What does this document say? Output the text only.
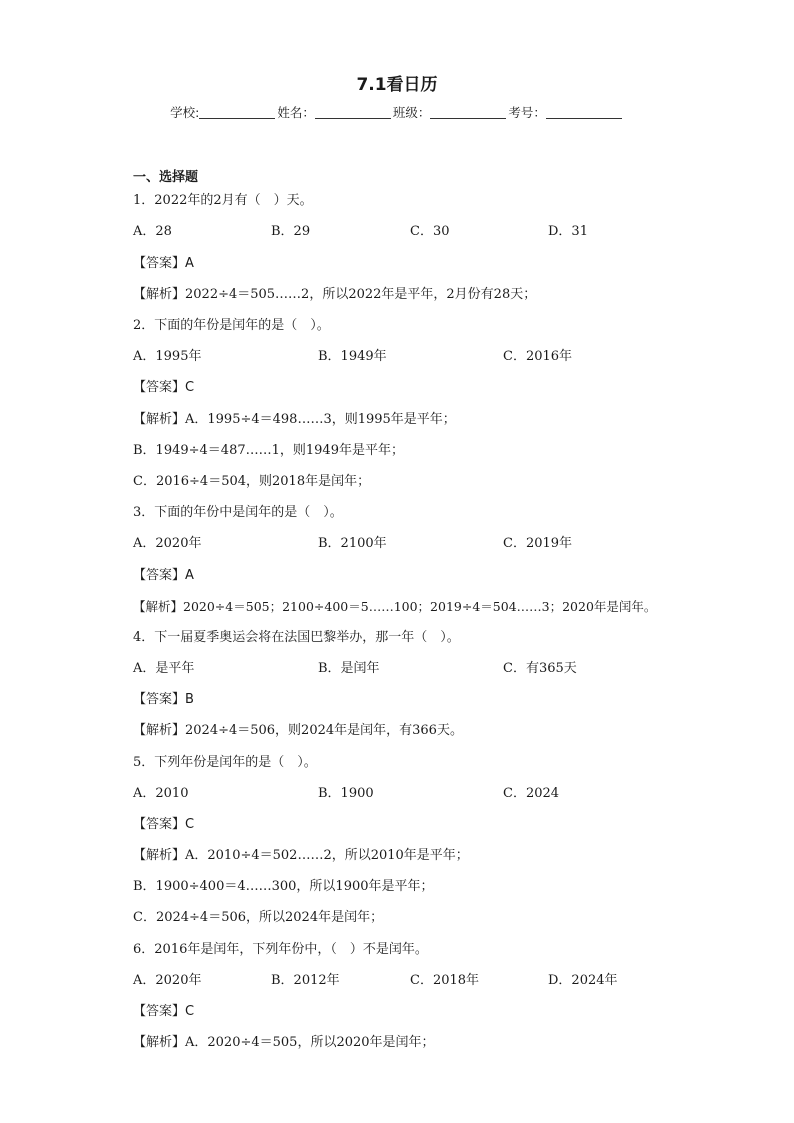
7.1看日历
学校:	姓名：	班级：	考号：
一、选择题
1．2022年的2月有（　）天。
A．28	B．29	C．30	D．31
【答案】A
【解析】2022÷4＝505……2，所以2022年是平年，2月份有28天；
2．下面的年份是闰年的是（　）。
A．1995年	B．1949年	C．2016年
【答案】C
【解析】A．1995÷4＝498……3，则1995年是平年；
B．1949÷4＝487……1，则1949年是平年；
C．2016÷4＝504，则2018年是闰年；
3．下面的年份中是闰年的是（　）。
A．2020年	B．2100年	C．2019年
【答案】A
【解析】2020÷4＝505；2100÷400＝5……100；2019÷4＝504……3；2020年是闰年。
4．下一届夏季奥运会将在法国巴黎举办，那一年（　）。
A．是平年	B．是闰年	C．有365天
【答案】B
【解析】2024÷4＝506，则2024年是闰年，有366天。
5．下列年份是闰年的是（　）。
A．2010	B．1900	C．2024
【答案】C
【解析】A．2010÷4＝502……2，所以2010年是平年；
B．1900÷400＝4……300，所以1900年是平年；
C．2024÷4＝506，所以2024年是闰年；
6．2016年是闰年，下列年份中，（　）不是闰年。
A．2020年	B．2012年	C．2018年	D．2024年
【答案】C
【解析】A．2020÷4＝505，所以2020年是闰年；
